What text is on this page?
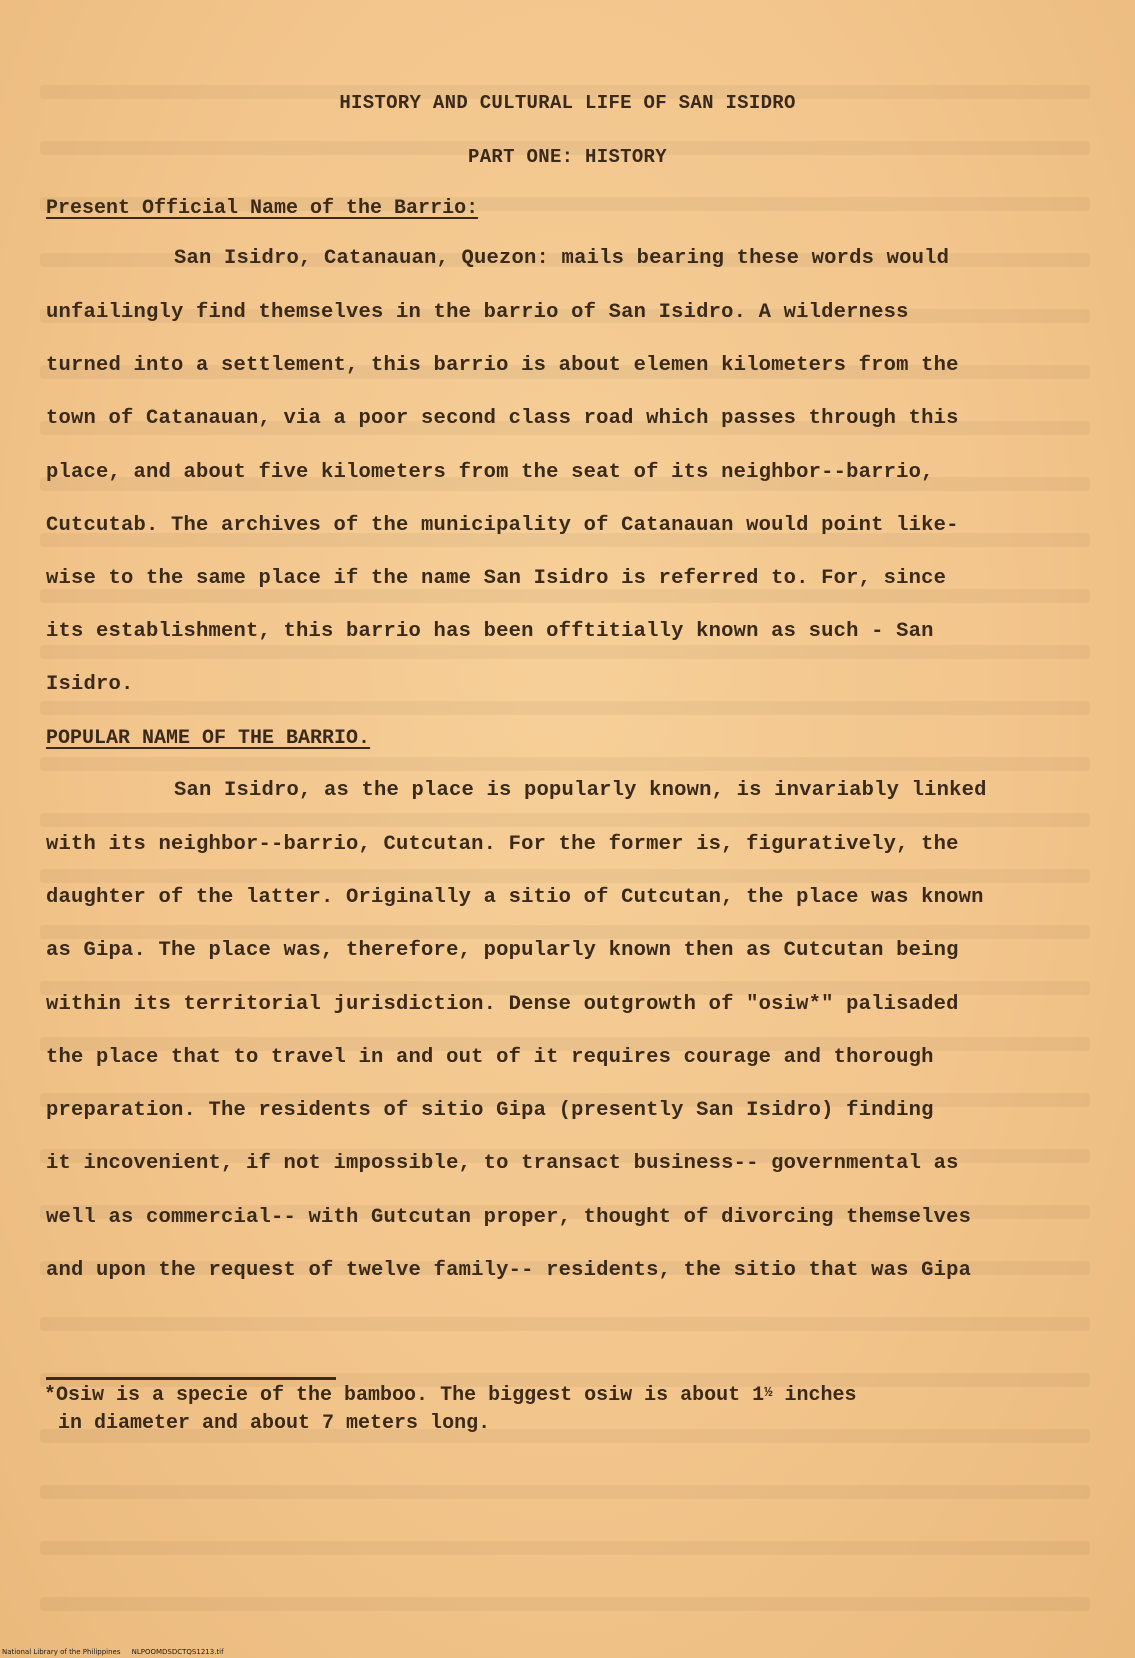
HISTORY AND CULTURAL LIFE OF SAN ISIDRO
PART ONE: HISTORY
Present Official Name of the Barrio:
San Isidro, Catanauan, Quezon: mails bearing these words would
unfailingly find themselves in the barrio of San Isidro. A wilderness
turned into a settlement, this barrio is about elemen kilometers from the
town of Catanauan, via a poor second class road which passes through this
place, and about five kilometers from the seat of its neighbor--barrio,
Cutcutab. The archives of the municipality of Catanauan would point like-
wise to the same place if the name San Isidro is referred to. For, since
its establishment, this barrio has been offtitially known as such - San
Isidro.
POPULAR NAME OF THE BARRIO.
San Isidro, as the place is popularly known, is invariably linked
with its neighbor--barrio, Cutcutan. For the former is, figuratively, the
daughter of the latter. Originally a sitio of Cutcutan, the place was known
as Gipa. The place was, therefore, popularly known then as Cutcutan being
within its territorial jurisdiction. Dense outgrowth of "osiw*" palisaded
the place that to travel in and out of it requires courage and thorough
preparation. The residents of sitio Gipa (presently San Isidro) finding
it incovenient, if not impossible, to transact business-- governmental as
well as commercial-- with Gutcutan proper, thought of divorcing themselves
and upon the request of twelve family-- residents, the sitio that was Gipa
*Osiw is a specie of the bamboo. The biggest osiw is about $1^{\frac{1}{2}}$ inches
in diameter and about 7 meters long.
National Library of the Philippines     NLPOOMDSDCTQS1213.tif
